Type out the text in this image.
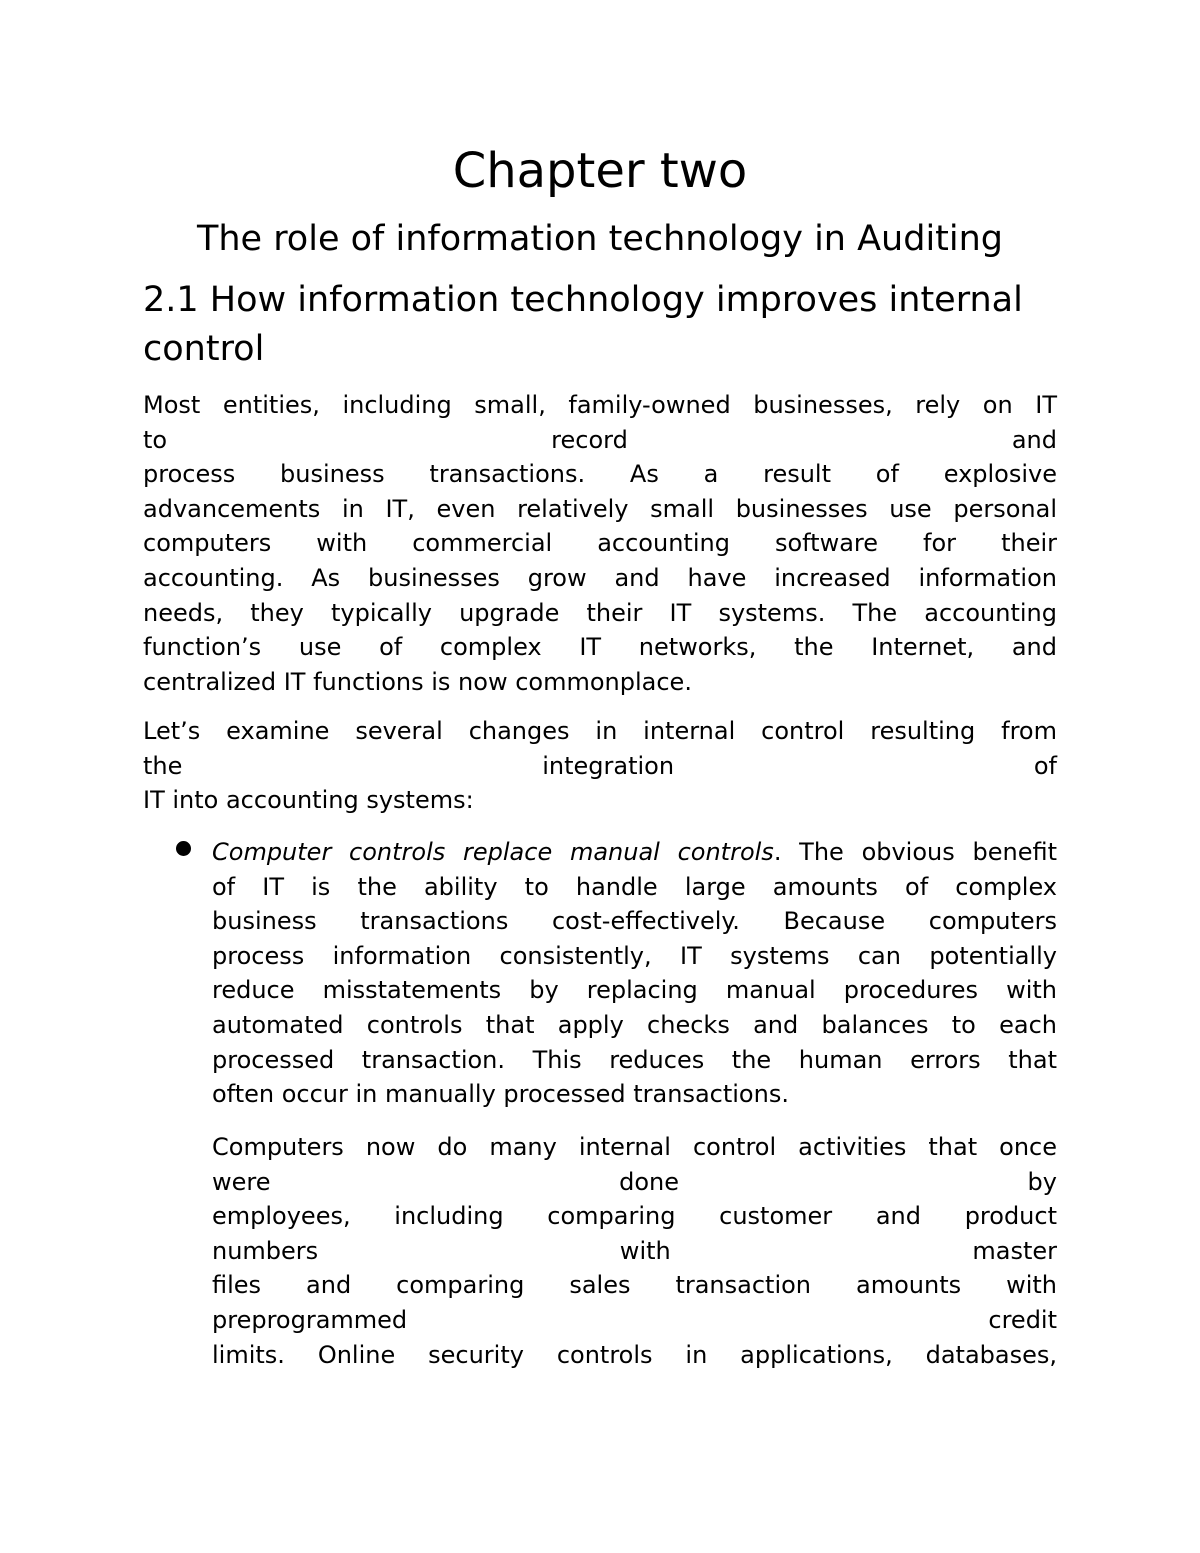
Chapter two
The role of information technology in Auditing
2.1 How information technology improves internal control
Most entities, including small, family-owned businesses, rely on IT
to record and
process business transactions. As a result of explosive
advancements in IT, even relatively small businesses use personal
computers with commercial accounting software for their
accounting. As businesses grow and have increased information
needs, they typically upgrade their IT systems. The accounting
function’s use of complex IT networks, the Internet, and
centralized IT functions is now commonplace.
Let’s examine several changes in internal control resulting from
the integration of
IT into accounting systems:
Computer controls replace manual controls. The obvious benefit
of IT is the ability to handle large amounts of complex
business transactions cost-effectively. Because computers
process information consistently, IT systems can potentially
reduce misstatements by replacing manual procedures with
automated controls that apply checks and balances to each
processed transaction. This reduces the human errors that
often occur in manually processed transactions.
Computers now do many internal control activities that once
were done by
employees, including comparing customer and product
numbers with master
files and comparing sales transaction amounts with
preprogrammed credit
limits. Online security controls in applications, databases,
